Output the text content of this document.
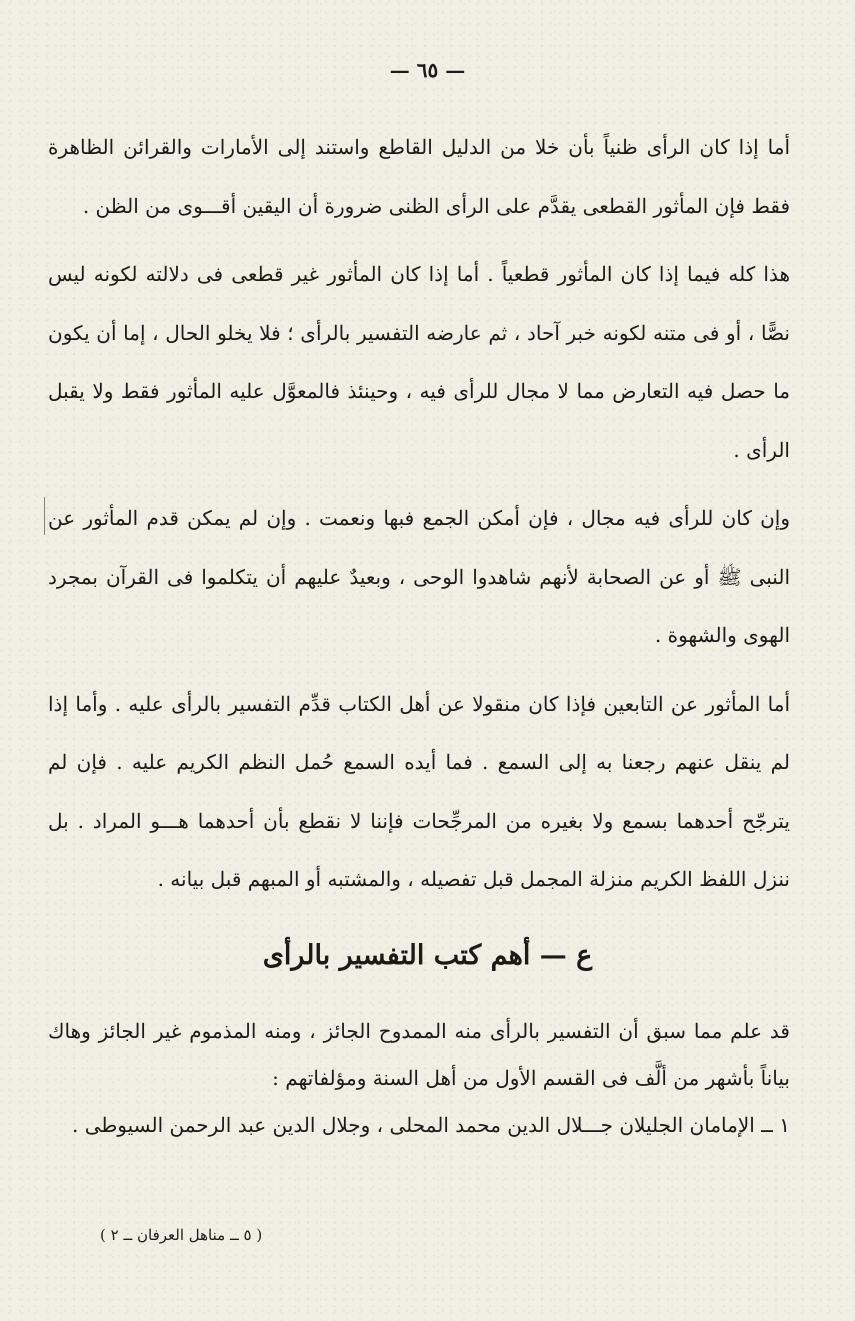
— ٦٥ —

أما إذا كان الرأى ظنياً بأن خلا من الدليل القاطع واستند إلى الأمارات والقرائن الظاهرة فقط فإن المأثور القطعى يقدَّم على الرأى الظنى ضرورة أن اليقين أقـــوى من الظن .

هذا كله فيما إذا كان المأثور قطعياً . أما إذا كان المأثور غير قطعى فى دلالته لكونه ليس نصًّا ، أو فى متنه لكونه خبر آحاد ، ثم عارضه التفسير بالرأى ؛ فلا يخلو الحال ، إما أن يكون ما حصل فيه التعارض مما لا مجال للرأى فيه ، وحينئذ فالمعوَّل عليه المأثور فقط ولا يقبل الرأى .

وإن كان للرأى فيه مجال ، فإن أمكن الجمع فبها ونعمت . وإن لم يمكن قدم المأثور عن النبى ﷺ أو عن الصحابة لأنهم شاهدوا الوحى ، وبعيدٌ عليهم أن يتكلموا فى القرآن بمجرد الهوى والشهوة .

أما المأثور عن التابعين فإذا كان منقولا عن أهل الكتاب قدِّم التفسير بالرأى عليه . وأما إذا لم ينقل عنهم رجعنا به إلى السمع . فما أيده السمع حُمل النظم الكريم عليه . فإن لم يترجّح أحدهما بسمع ولا بغيره من المرجِّحات فإننا لا نقطع بأن أحدهما هـــو المراد . بل ننزل اللفظ الكريم منزلة المجمل قبل تفصيله ، والمشتبه أو المبهم قبل بيانه .

ع — أهم كتب التفسير بالرأى

قد علم مما سبق أن التفسير بالرأى منه الممدوح الجائز ، ومنه المذموم غير الجائز وهاك بياناً بأشهر من ألَّف فى القسم الأول من أهل السنة ومؤلفاتهم :

١ ــ الإمامان الجليلان جـــلال الدين محمد المحلى ، وجلال الدين عبد الرحمن السيوطى .

( ٥ ــ مناهل العرفان ــ ٢ )
